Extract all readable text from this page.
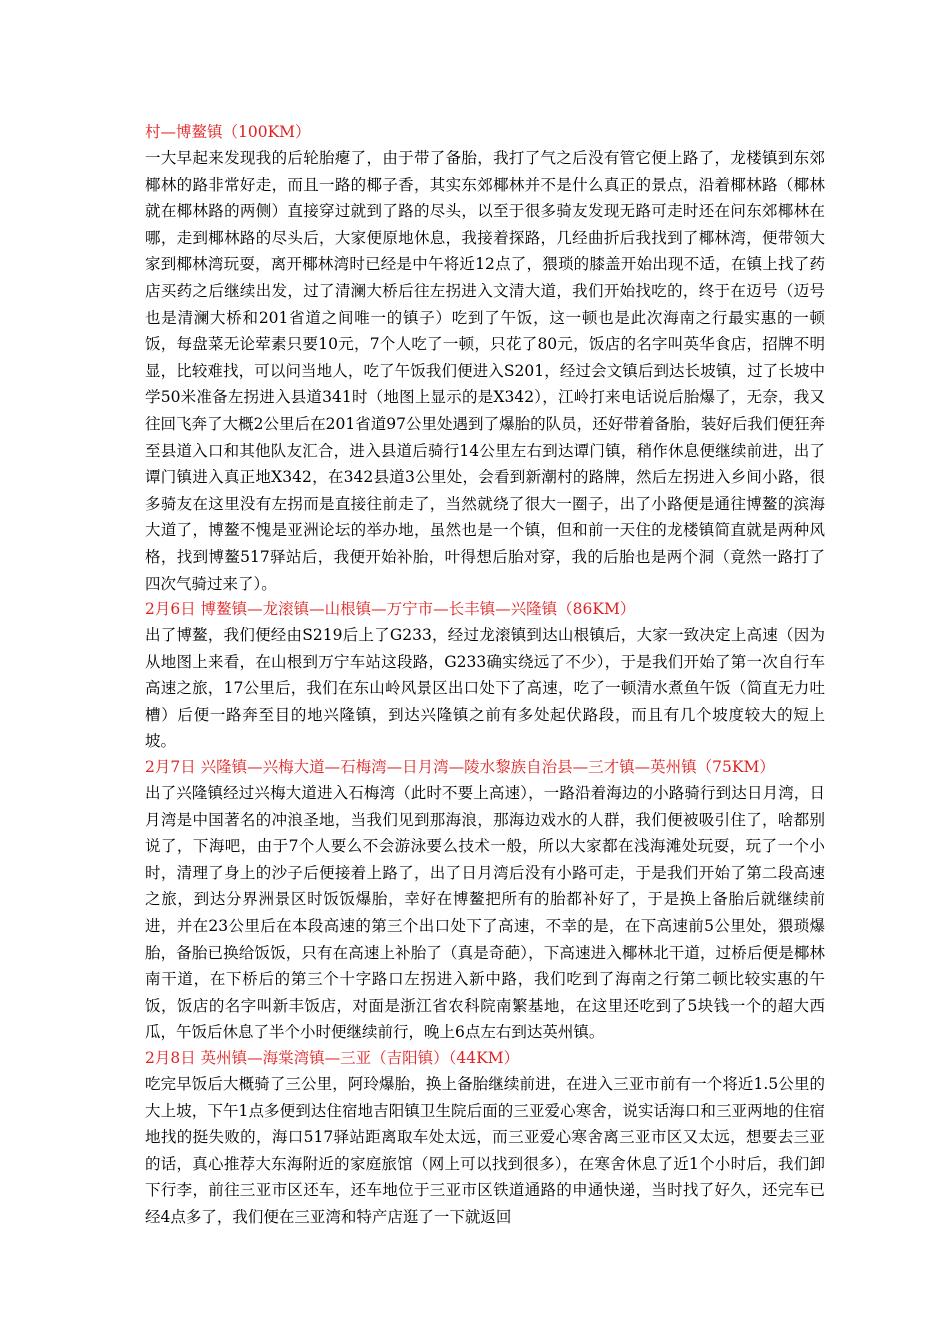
村—博鳌镇（100KM）

一大早起来发现我的后轮胎瘪了，由于带了备胎，我打了气之后没有管它便上路了，龙楼镇到东郊椰林的路非常好走，而且一路的椰子香，其实东郊椰林并不是什么真正的景点，沿着椰林路（椰林就在椰林路的两侧）直接穿过就到了路的尽头，以至于很多骑友发现无路可走时还在问东郊椰林在哪，走到椰林路的尽头后，大家便原地休息，我接着探路，几经曲折后我找到了椰林湾，便带领大家到椰林湾玩耍，离开椰林湾时已经是中午将近12点了，猥琐的膝盖开始出现不适，在镇上找了药店买药之后继续出发，过了清澜大桥后往左拐进入文清大道，我们开始找吃的，终于在迈号（迈号也是清澜大桥和201省道之间唯一的镇子）吃到了午饭，这一顿也是此次海南之行最实惠的一顿饭，每盘菜无论荤素只要10元，7个人吃了一顿，只花了80元，饭店的名字叫英华食店，招牌不明显，比较难找，可以问当地人，吃了午饭我们便进入S201，经过会文镇后到达长坡镇，过了长坡中学50米准备左拐进入县道341时（地图上显示的是X342），江岭打来电话说后胎爆了，无奈，我又往回飞奔了大概2公里后在201省道97公里处遇到了爆胎的队员，还好带着备胎，装好后我们便狂奔至县道入口和其他队友汇合，进入县道后骑行14公里左右到达谭门镇，稍作休息便继续前进，出了谭门镇进入真正地X342，在342县道3公里处，会看到新潮村的路牌，然后左拐进入乡间小路，很多骑友在这里没有左拐而是直接往前走了，当然就绕了很大一圈子，出了小路便是通往博鳌的滨海大道了，博鳌不愧是亚洲论坛的举办地，虽然也是一个镇，但和前一天住的龙楼镇简直就是两种风格，找到博鳌517驿站后，我便开始补胎，叶得想后胎对穿，我的后胎也是两个洞（竟然一路打了四次气骑过来了）。

2月6日 博鳌镇—龙滚镇—山根镇—万宁市—长丰镇—兴隆镇（86KM）

出了博鳌，我们便经由S219后上了G233，经过龙滚镇到达山根镇后，大家一致决定上高速（因为从地图上来看，在山根到万宁车站这段路，G233确实绕远了不少），于是我们开始了第一次自行车高速之旅，17公里后，我们在东山岭风景区出口处下了高速，吃了一顿清水煮鱼午饭（简直无力吐槽）后便一路奔至目的地兴隆镇，到达兴隆镇之前有多处起伏路段，而且有几个坡度较大的短上坡。

2月7日 兴隆镇—兴梅大道—石梅湾—日月湾—陵水黎族自治县—三才镇—英州镇（75KM）

出了兴隆镇经过兴梅大道进入石梅湾（此时不要上高速），一路沿着海边的小路骑行到达日月湾，日月湾是中国著名的冲浪圣地，当我们见到那海浪，那海边戏水的人群，我们便被吸引住了，啥都别说了，下海吧，由于7个人要么不会游泳要么技术一般，所以大家都在浅海滩处玩耍，玩了一个小时，清理了身上的沙子后便接着上路了，出了日月湾后没有小路可走，于是我们开始了第二段高速之旅，到达分界洲景区时饭饭爆胎，幸好在博鳌把所有的胎都补好了，于是换上备胎后就继续前进，并在23公里后在本段高速的第三个出口处下了高速，不幸的是，在下高速前5公里处，猥琐爆胎，备胎已换给饭饭，只有在高速上补胎了（真是奇葩），下高速进入椰林北干道，过桥后便是椰林南干道，在下桥后的第三个十字路口左拐进入新中路，我们吃到了海南之行第二顿比较实惠的午饭，饭店的名字叫新丰饭店，对面是浙江省农科院南繁基地，在这里还吃到了5块钱一个的超大西瓜，午饭后休息了半个小时便继续前行，晚上6点左右到达英州镇。

2月8日 英州镇—海棠湾镇—三亚（吉阳镇）（44KM）

吃完早饭后大概骑了三公里，阿玲爆胎，换上备胎继续前进，在进入三亚市前有一个将近1.5公里的大上坡，下午1点多便到达住宿地吉阳镇卫生院后面的三亚爱心寒舍，说实话海口和三亚两地的住宿地找的挺失败的，海口517驿站距离取车处太远，而三亚爱心寒舍离三亚市区又太远，想要去三亚的话，真心推荐大东海附近的家庭旅馆（网上可以找到很多），在寒舍休息了近1个小时后，我们卸下行李，前往三亚市区还车，还车地位于三亚市区铁道通路的申通快递，当时找了好久，还完车已经4点多了，我们便在三亚湾和特产店逛了一下就返回
